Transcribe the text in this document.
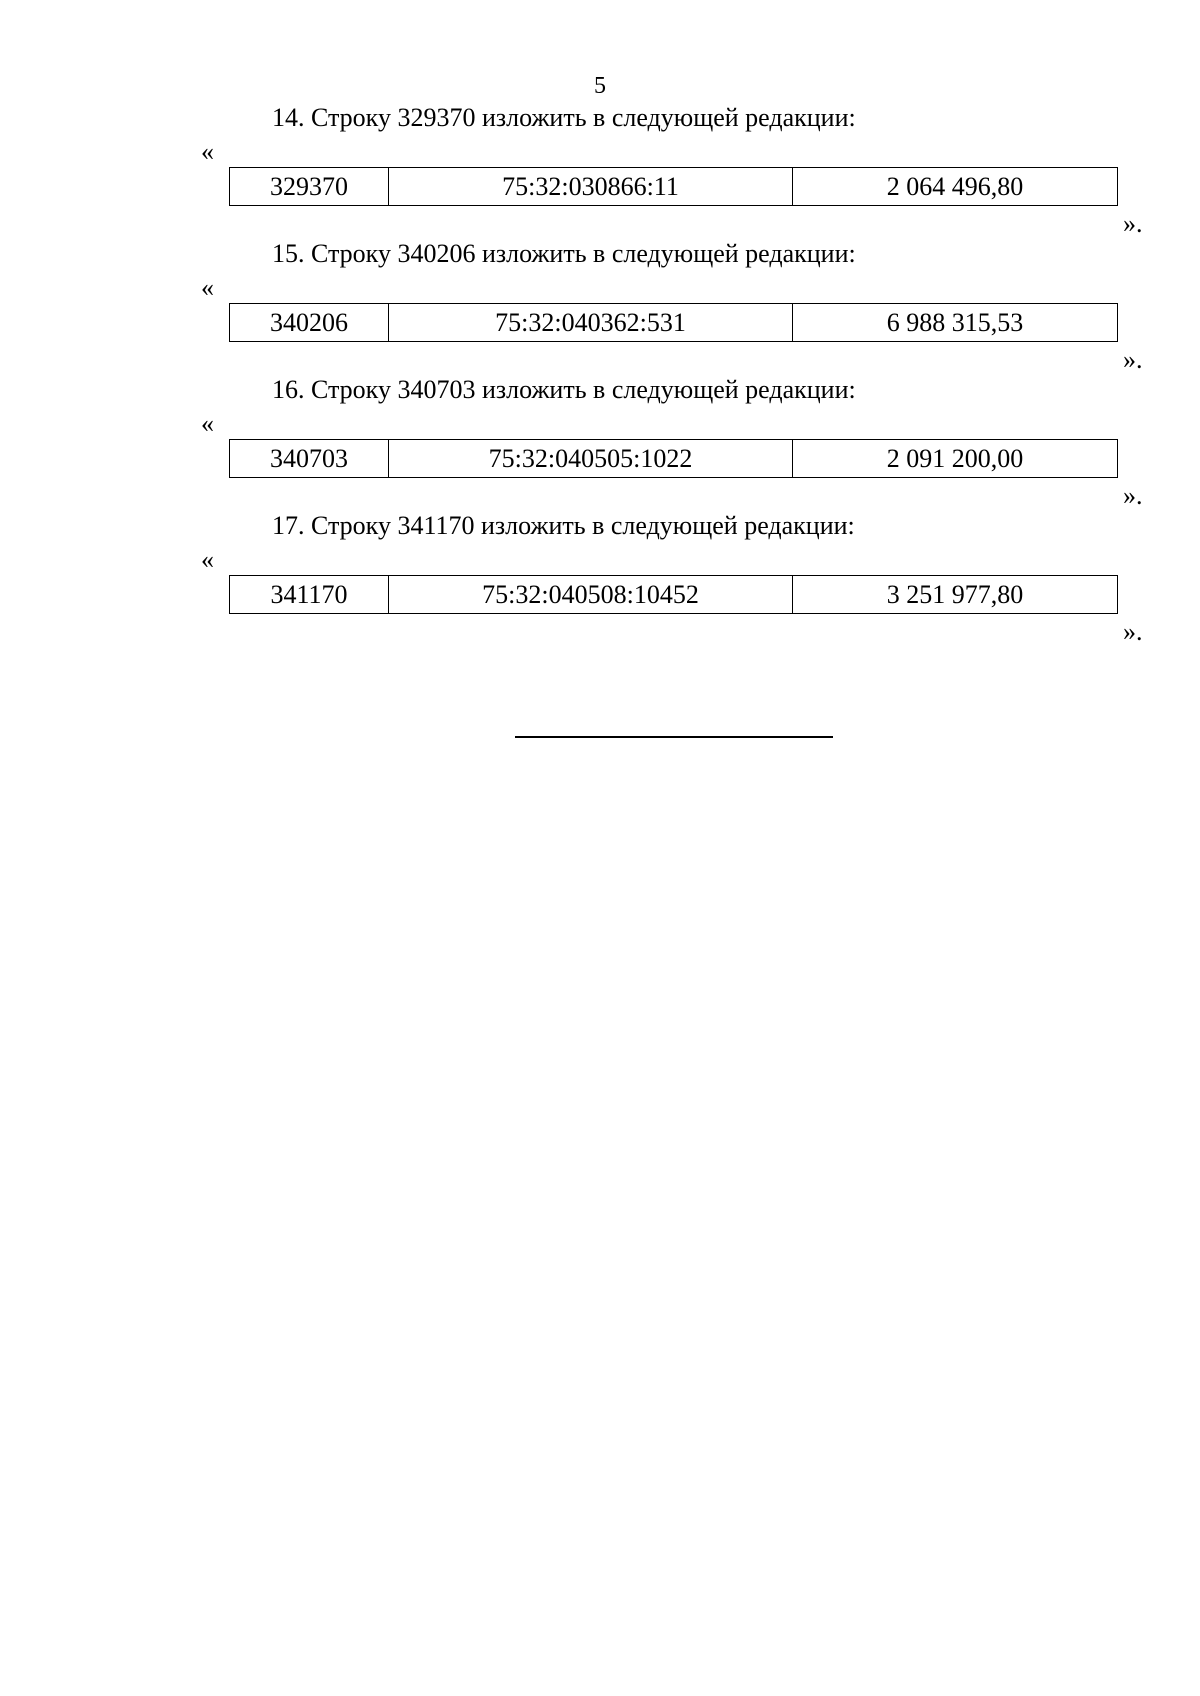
5
14. Строку 329370 изложить в следующей редакции:
«
329370	75:32:030866:11	2 064 496,80
».
15. Строку 340206 изложить в следующей редакции:
«
340206	75:32:040362:531	6 988 315,53
».
16. Строку 340703 изложить в следующей редакции:
«
340703	75:32:040505:1022	2 091 200,00
».
17. Строку 341170 изложить в следующей редакции:
«
341170	75:32:040508:10452	3 251 977,80
».
